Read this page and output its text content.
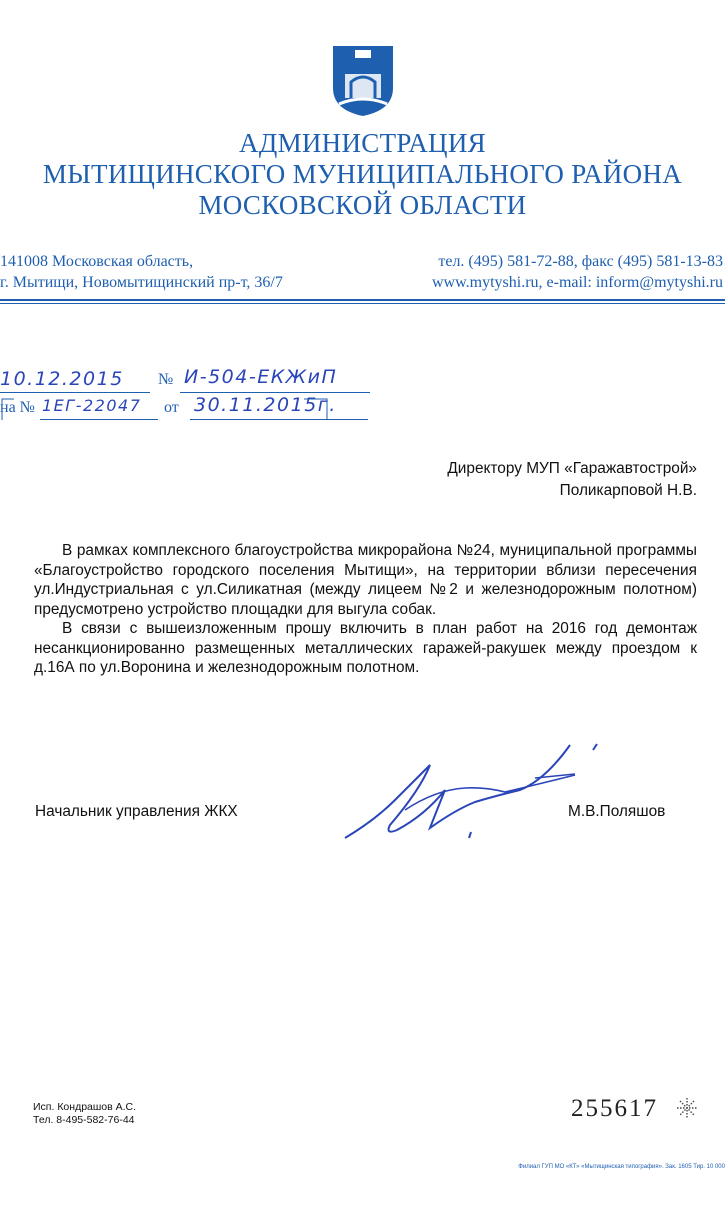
АДМИНИСТРАЦИЯ
МЫТИЩИНСКОГО МУНИЦИПАЛЬНОГО РАЙОНА
МОСКОВСКОЙ ОБЛАСТИ
141008 Московская область,
г. Мытищи, Новомытищинский пр-т, 36/7
тел. (495) 581-72-88, факс (495) 581-13-83
www.mytyshi.ru, e-mail: inform@mytyshi.ru
10.12.2015 № И-504-ЕКЖиП
на № 1ЕГ-22047 от 30.11.2015г.
Директору МУП «Гаражавтострой»
Поликарповой Н.В.

В рамках комплексного благоустройства микрорайона №24, муниципальной программы «Благоустройство городского поселения Мытищи», на территории вблизи пересечения ул.Индустриальная с ул.Силикатная (между лицеем №2 и железнодорожным полотном) предусмотрено устройство площадки для выгула собак.

В связи с вышеизложенным прошу включить в план работ на 2016 год демонтаж несанкционированно размещенных металлических гаражей-ракушек между проездом к д.16А по ул.Воронина и железнодорожным полотном.

Начальник управления ЖКХ	М.В.Поляшов
Исп. Кондрашов А.С.
Тел. 8-495-582-76-44	255617
Филиал ГУП МО «КТ» «Мытищинская типография». Зак. 1605 Тир. 10 000
